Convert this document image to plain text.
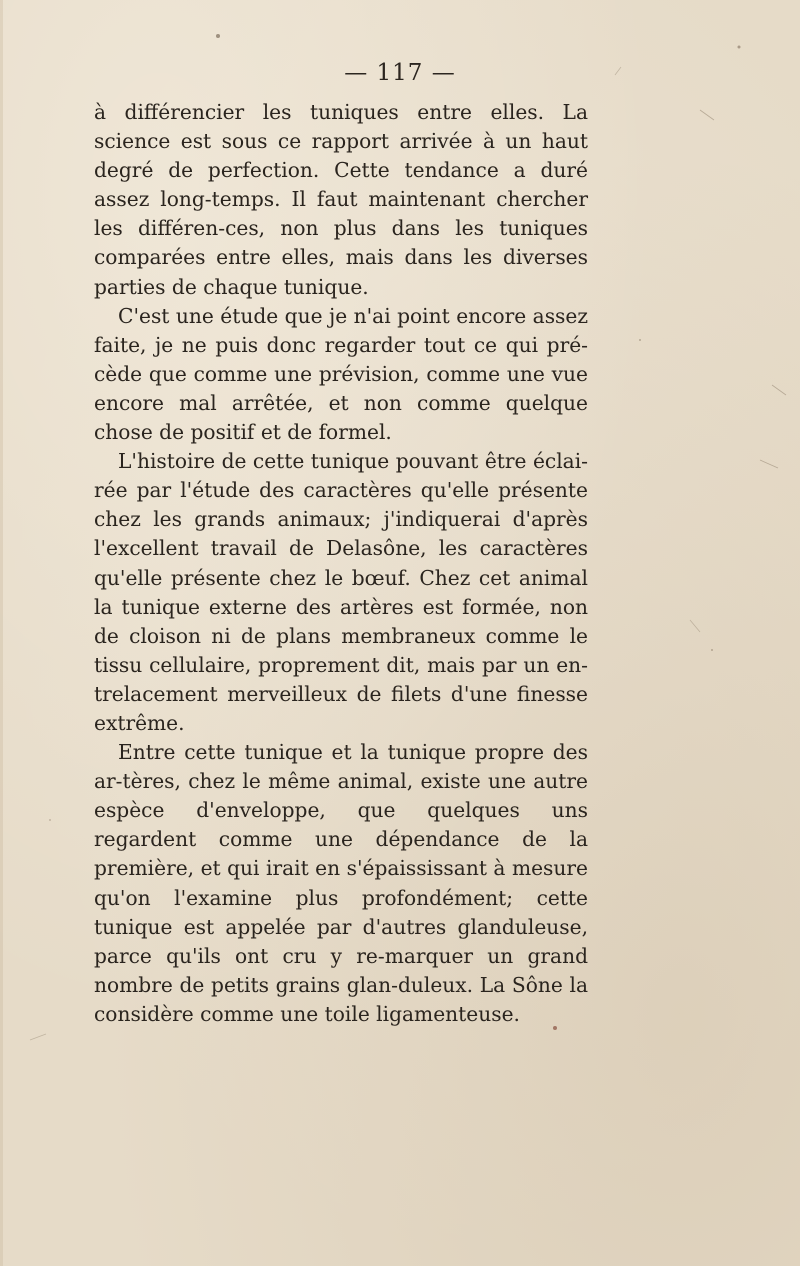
— 117 —

à différencier les tuniques entre elles. La science est sous ce rapport arrivée à un haut degré de perfection. Cette tendance a duré assez long-temps. Il faut maintenant chercher les différen-ces, non plus dans les tuniques comparées entre elles, mais dans les diverses parties de chaque tunique.

C'est une étude que je n'ai point encore assez faite, je ne puis donc regarder tout ce qui pré-cède que comme une prévision, comme une vue encore mal arrêtée, et non comme quelque chose de positif et de formel.

L'histoire de cette tunique pouvant être éclai-rée par l'étude des caractères qu'elle présente chez les grands animaux; j'indiquerai d'après l'excellent travail de Delasône, les caractères qu'elle présente chez le bœuf. Chez cet animal la tunique externe des artères est formée, non de cloison ni de plans membraneux comme le tissu cellulaire, proprement dit, mais par un en-trelacement merveilleux de filets d'une finesse extrême.

Entre cette tunique et la tunique propre des ar-tères, chez le même animal, existe une autre espèce d'enveloppe, que quelques uns regardent comme une dépendance de la première, et qui irait en s'épaississant à mesure qu'on l'examine plus profondément; cette tunique est appelée par d'autres glanduleuse, parce qu'ils ont cru y re-marquer un grand nombre de petits grains glan-duleux. La Sône la considère comme une toile ligamenteuse.
